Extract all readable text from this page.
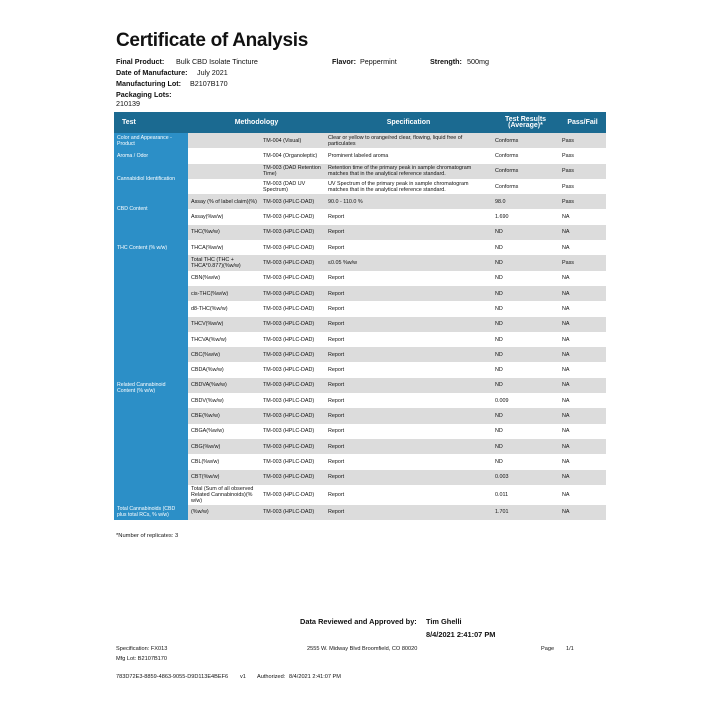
Certificate of Analysis
Final Product: Bulk CBD Isolate Tincture	Flavor: Peppermint	Strength: 500mg
Date of Manufacture: July 2021
Manufacturing Lot: B2107B170
Packaging Lots:
210139
Test	Methodology		Specification	Test Results (Average)*	Pass/Fail
Color and Appearance - Product		TM-004 (Visual)	Clear or yellow to orange/red clear, flowing, liquid free of particulates	Conforms	Pass
Aroma / Odor		TM-004 (Organoleptic)	Prominent labeled aroma	Conforms	Pass
Cannabidiol Identification		TM-003 (DAD Retention Time)	Retention time of the primary peak in sample chromatogram matches that in the analytical reference standard.	Conforms	Pass
		TM-003 (DAD UV Spectrum)	UV Spectrum of the primary peak in sample chromatogram matches that in the analytical reference standard.	Conforms	Pass
CBD Content	Assay (% of label claim)(%)	TM-003 (HPLC-DAD)	90.0 - 110.0 %	98.0	Pass
	Assay(%w/w)	TM-003 (HPLC-DAD)	Report	1.690	NA
THC Content (% w/w)	THC(%w/w)	TM-003 (HPLC-DAD)	Report	ND	NA
	THCA(%w/w)	TM-003 (HPLC-DAD)	Report	ND	NA
	Total THC (THC + THCA*0.877)(%w/w)	TM-003 (HPLC-DAD)	≤0.05 %w/w	ND	Pass
Related Cannabinoid Content (% w/w)	CBN(%w/w)	TM-003 (HPLC-DAD)	Report	ND	NA
	cis-THC(%w/w)	TM-003 (HPLC-DAD)	Report	ND	NA
	d8-THC(%w/w)	TM-003 (HPLC-DAD)	Report	ND	NA
	THCV(%w/w)	TM-003 (HPLC-DAD)	Report	ND	NA
	THCVA(%w/w)	TM-003 (HPLC-DAD)	Report	ND	NA
	CBC(%w/w)	TM-003 (HPLC-DAD)	Report	ND	NA
	CBDA(%w/w)	TM-003 (HPLC-DAD)	Report	ND	NA
	CBDVA(%w/w)	TM-003 (HPLC-DAD)	Report	ND	NA
	CBDV(%w/w)	TM-003 (HPLC-DAD)	Report	0.009	NA
	CBE(%w/w)	TM-003 (HPLC-DAD)	Report	ND	NA
	CBGA(%w/w)	TM-003 (HPLC-DAD)	Report	ND	NA
	CBG(%w/w)	TM-003 (HPLC-DAD)	Report	ND	NA
	CBL(%w/w)	TM-003 (HPLC-DAD)	Report	ND	NA
	CBT(%w/w)	TM-003 (HPLC-DAD)	Report	0.003	NA
	Total (Sum of all observed Related Cannabinoids)(% w/w)	TM-003 (HPLC-DAD)	Report	0.011	NA
Total Cannabinoids (CBD plus total RCs, % w/w)	(%w/w)	TM-003 (HPLC-DAD)	Report	1.701	NA
*Number of replicates: 3
Data Reviewed and Approved by: Tim Ghelli
8/4/2021 2:41:07 PM
Specification: FX013
Mfg Lot: B2107B170
2555 W. Midway Blvd Broomfield, CO 80020	Page 1/1
783D72E3-8859-4863-9055-D9D113E4BEF6 v1 Authorized: 8/4/2021 2:41:07 PM
